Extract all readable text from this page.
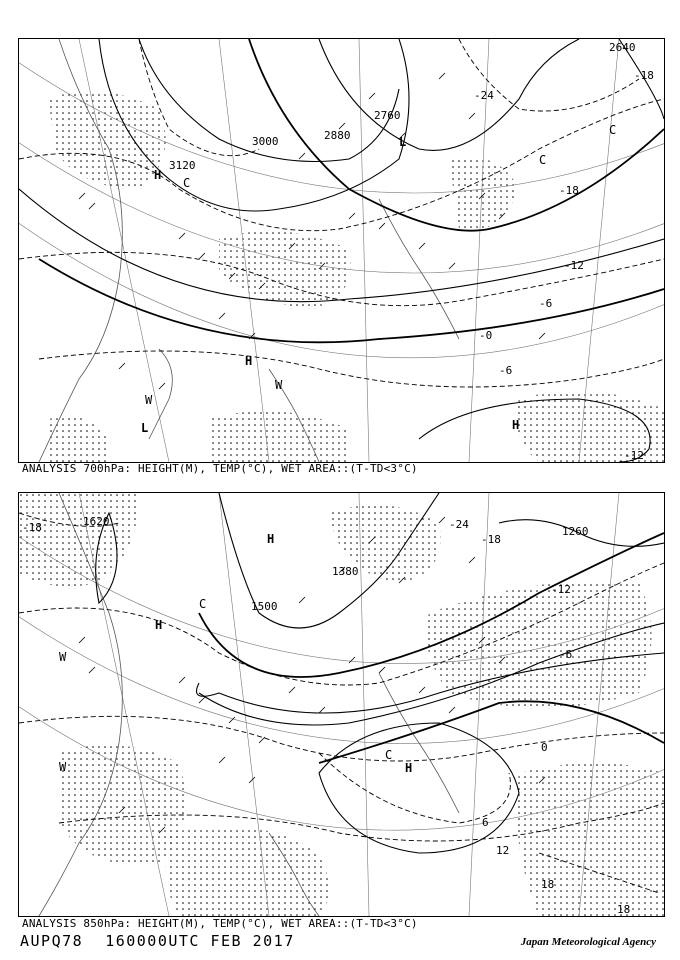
3120
3000	2880
2760
2640
-24
-18
-12
-6
-0
-6
-12
-18
H
H
H
L
L
C
C
C
W
W
ANALYSIS 700hPa: HEIGHT(M), TEMP(°C), WET AREA::(T-TD<3°C)
1620
1500
1380
1260
-24
-18
-12
-6
0
6
12
18
18
-18
H
H
H
C
C
W
W
ANALYSIS 850hPa: HEIGHT(M), TEMP(°C), WET AREA::(T-TD<3°C)
AUPQ78 160000UTC FEB 2017	Japan Meteorological Agency
